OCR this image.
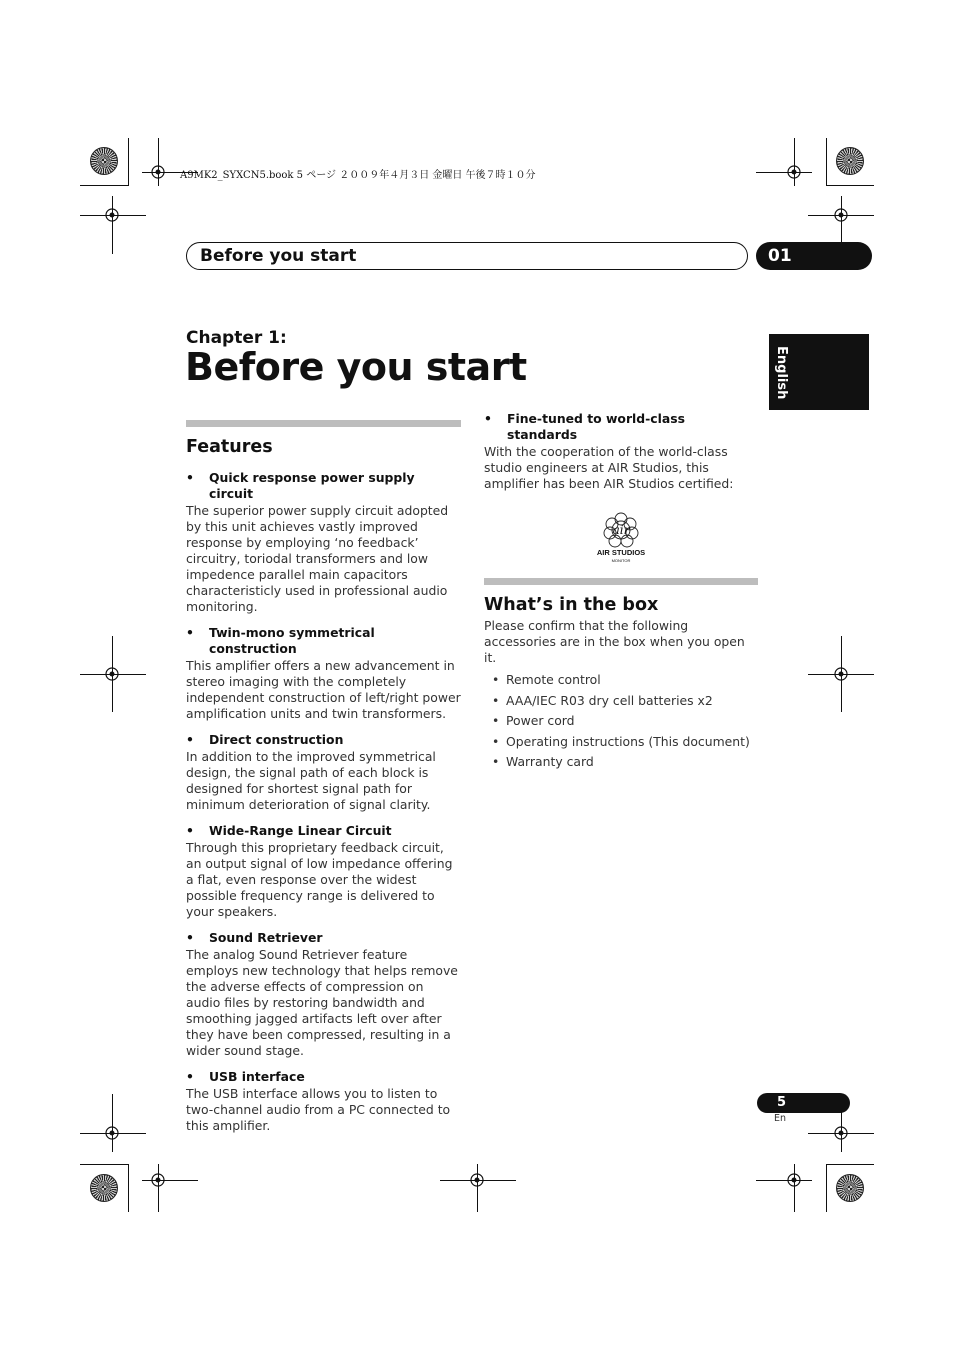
A9MK2_SYXCN5.book 5 ページ ２００９年４月３日 金曜日 午後７時１０分
Before you start	01
English
Chapter 1:
Before you start
Features
•	Quick response power supply circuit

The superior power supply circuit adopted by this unit achieves vastly improved response by employing ‘no feedback’ circuitry, toriodal transformers and low impedence parallel main capacitors characteristicly used in professional audio monitoring.

•	Twin-mono symmetrical construction

This amplifier offers a new advancement in stereo imaging with the completely independent construction of left/right power amplification units and twin transformers.

•	Direct construction

In addition to the improved symmetrical design, the signal path of each block is designed for shortest signal path for minimum deterioration of signal clarity.

•	Wide-Range Linear Circuit

Through this proprietary feedback circuit, an output signal of low impedance offering a flat, even response over the widest possible frequency range is delivered to your speakers.

•	Sound Retriever

The analog Sound Retriever feature employs new technology that helps remove the adverse effects of compression on audio files by restoring bandwidth and smoothing jagged artifacts left over after they have been compressed, resulting in a wider sound stage.

•	USB interface

The USB interface allows you to listen to two-channel audio from a PC connected to this amplifier.

•	Fine-tuned to world-class standards

With the cooperation of the world-class studio engineers at AIR Studios, this amplifier has been AIR Studios certified:

air
AIR STUDIOS
MONITOR
What’s in the box

Please confirm that the following accessories are in the box when you open it.

• Remote control
• AAA/IEC R03 dry cell batteries x2
• Power cord
• Operating instructions (This document)
• Warranty card
5
En
